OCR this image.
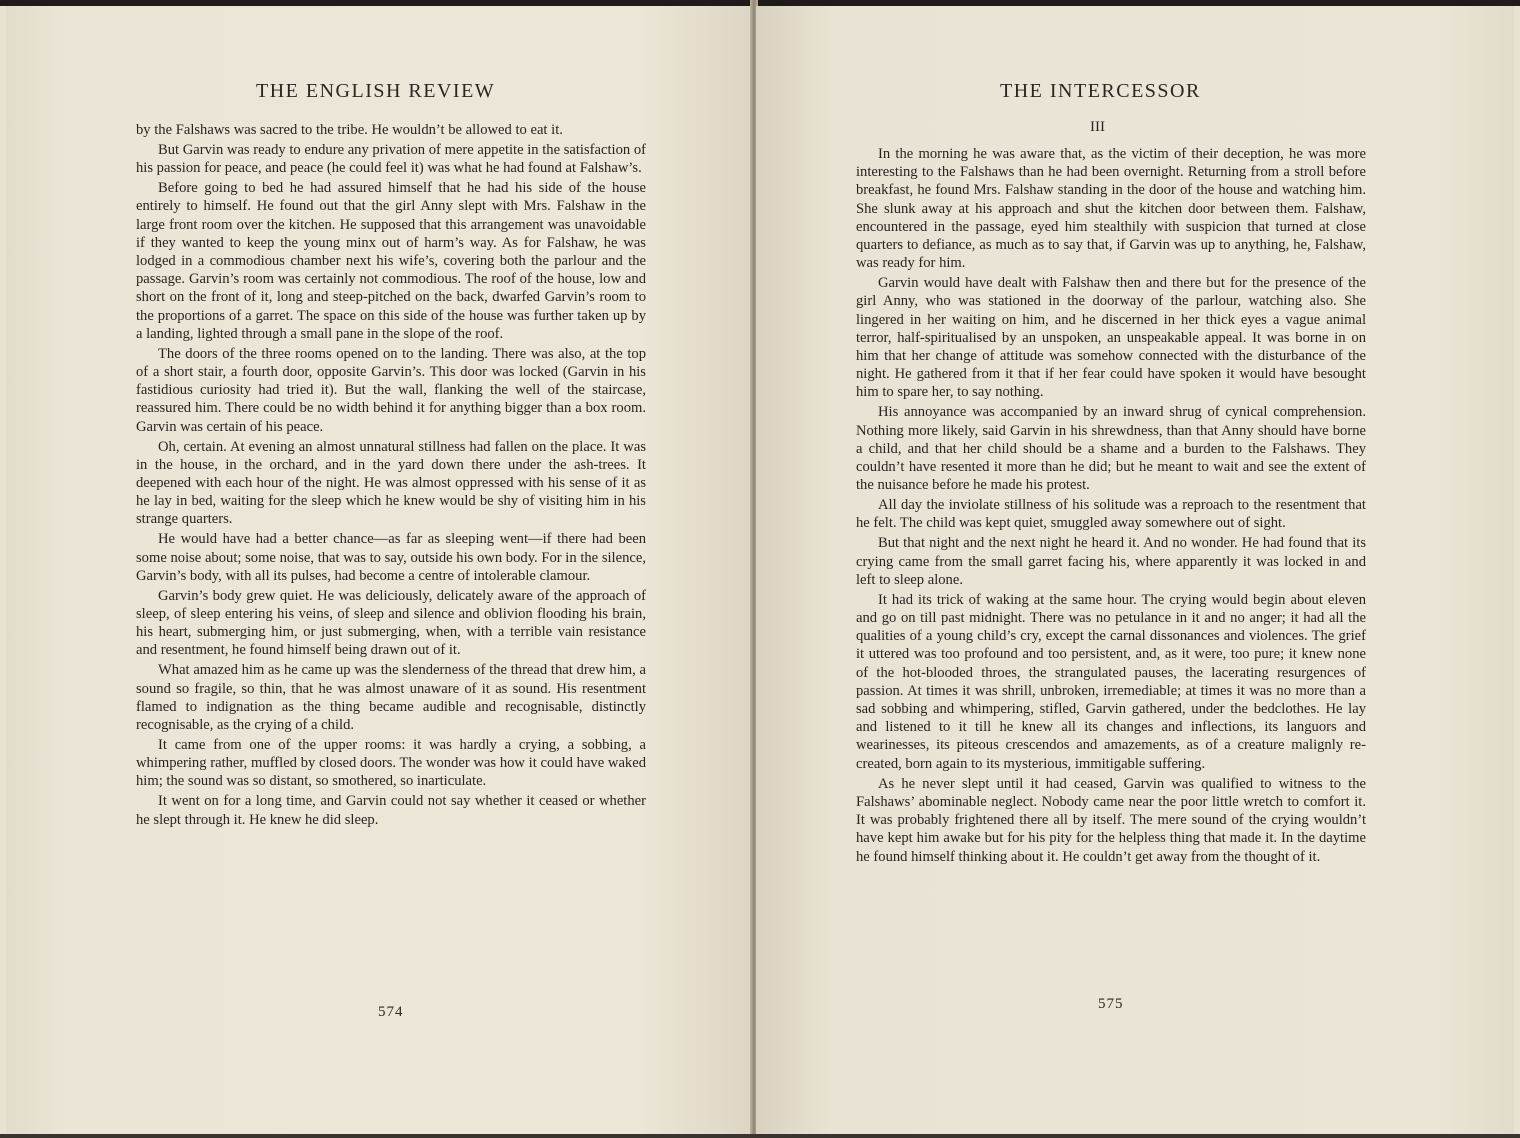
THE ENGLISH REVIEW

by the Falshaws was sacred to the tribe. He wouldn’t be allowed to eat it.

But Garvin was ready to endure any privation of mere appetite in the satisfaction of his passion for peace, and peace (he could feel it) was what he had found at Falshaw’s.

Before going to bed he had assured himself that he had his side of the house entirely to himself. He found out that the girl Anny slept with Mrs. Falshaw in the large front room over the kitchen. He supposed that this arrangement was unavoidable if they wanted to keep the young minx out of harm’s way. As for Falshaw, he was lodged in a commodious chamber next his wife’s, covering both the parlour and the passage. Garvin’s room was certainly not commodious. The roof of the house, low and short on the front of it, long and steep-pitched on the back, dwarfed Garvin’s room to the proportions of a garret. The space on this side of the house was further taken up by a landing, lighted through a small pane in the slope of the roof.

The doors of the three rooms opened on to the landing. There was also, at the top of a short stair, a fourth door, opposite Garvin’s. This door was locked (Garvin in his fastidious curiosity had tried it). But the wall, flanking the well of the staircase, reassured him. There could be no width behind it for anything bigger than a box room. Garvin was certain of his peace.

Oh, certain. At evening an almost unnatural stillness had fallen on the place. It was in the house, in the orchard, and in the yard down there under the ash-trees. It deepened with each hour of the night. He was almost oppressed with his sense of it as he lay in bed, waiting for the sleep which he knew would be shy of visiting him in his strange quarters.

He would have had a better chance—as far as sleeping went—if there had been some noise about; some noise, that was to say, outside his own body. For in the silence, Garvin’s body, with all its pulses, had become a centre of intolerable clamour.

Garvin’s body grew quiet. He was deliciously, delicately aware of the approach of sleep, of sleep entering his veins, of sleep and silence and oblivion flooding his brain, his heart, submerging him, or just submerging, when, with a terrible vain resistance and resentment, he found himself being drawn out of it.

What amazed him as he came up was the slenderness of the thread that drew him, a sound so fragile, so thin, that he was almost unaware of it as sound. His resentment flamed to indignation as the thing became audible and recognisable, distinctly recognisable, as the crying of a child.

It came from one of the upper rooms: it was hardly a crying, a sobbing, a whimpering rather, muffled by closed doors. The wonder was how it could have waked him; the sound was so distant, so smothered, so inarticulate.

It went on for a long time, and Garvin could not say whether it ceased or whether he slept through it. He knew he did sleep.

574
THE INTERCESSOR
III

In the morning he was aware that, as the victim of their deception, he was more interesting to the Falshaws than he had been overnight. Returning from a stroll before breakfast, he found Mrs. Falshaw standing in the door of the house and watching him. She slunk away at his approach and shut the kitchen door between them. Falshaw, encountered in the passage, eyed him stealthily with suspicion that turned at close quarters to defiance, as much as to say that, if Garvin was up to anything, he, Falshaw, was ready for him.

Garvin would have dealt with Falshaw then and there but for the presence of the girl Anny, who was stationed in the doorway of the parlour, watching also. She lingered in her waiting on him, and he discerned in her thick eyes a vague animal terror, half-spiritualised by an unspoken, an unspeakable appeal. It was borne in on him that her change of attitude was somehow connected with the disturbance of the night. He gathered from it that if her fear could have spoken it would have besought him to spare her, to say nothing.

His annoyance was accompanied by an inward shrug of cynical comprehension. Nothing more likely, said Garvin in his shrewdness, than that Anny should have borne a child, and that her child should be a shame and a burden to the Falshaws. They couldn’t have resented it more than he did; but he meant to wait and see the extent of the nuisance before he made his protest.

All day the inviolate stillness of his solitude was a reproach to the resentment that he felt. The child was kept quiet, smuggled away somewhere out of sight.

But that night and the next night he heard it. And no wonder. He had found that its crying came from the small garret facing his, where apparently it was locked in and left to sleep alone.

It had its trick of waking at the same hour. The crying would begin about eleven and go on till past midnight. There was no petulance in it and no anger; it had all the qualities of a young child’s cry, except the carnal dissonances and violences. The grief it uttered was too profound and too persistent, and, as it were, too pure; it knew none of the hot-blooded throes, the strangulated pauses, the lacerating resurgences of passion. At times it was shrill, unbroken, irremediable; at times it was no more than a sad sobbing and whimpering, stifled, Garvin gathered, under the bedclothes. He lay and listened to it till he knew all its changes and inflections, its languors and wearinesses, its piteous crescendos and amazements, as of a creature malignly re-created, born again to its mysterious, immitigable suffering.

As he never slept until it had ceased, Garvin was qualified to witness to the Falshaws’ abominable neglect. Nobody came near the poor little wretch to comfort it. It was probably frightened there all by itself. The mere sound of the crying wouldn’t have kept him awake but for his pity for the helpless thing that made it. In the daytime he found himself thinking about it. He couldn’t get away from the thought of it.

575
